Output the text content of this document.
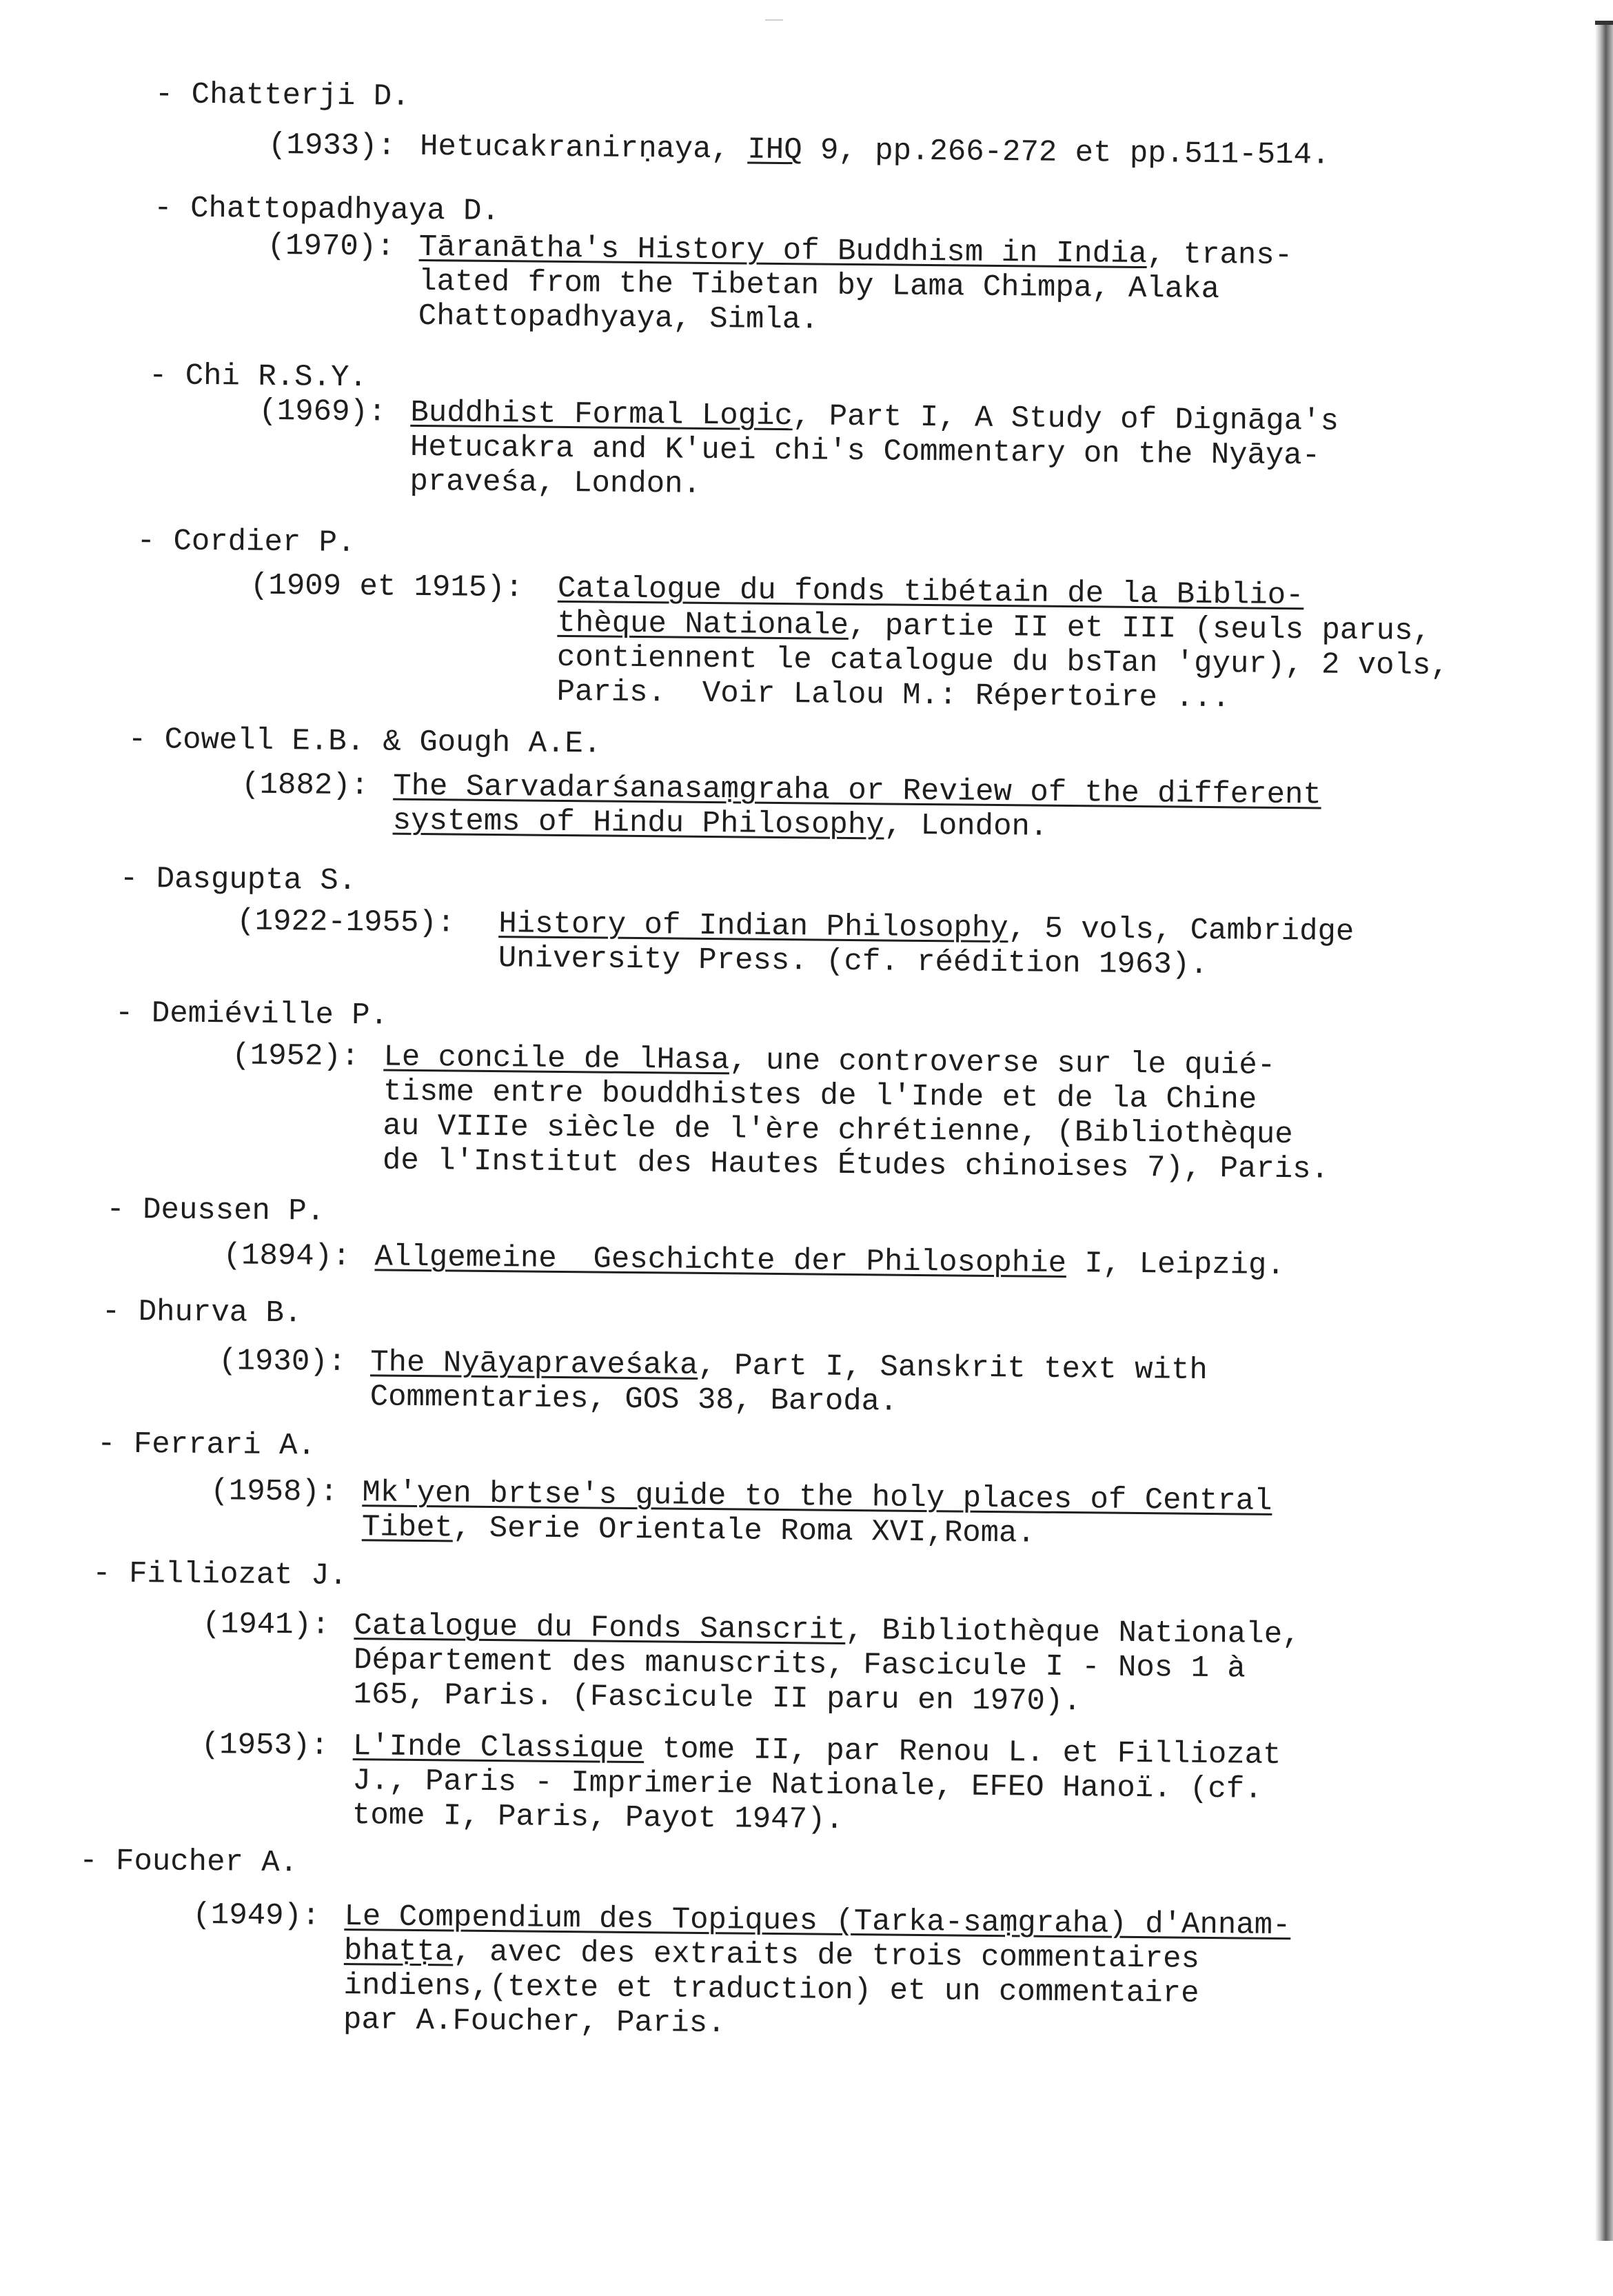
- Chatterji D.
(1933): Hetucakranirṇaya, IHQ 9, pp.266-272 et pp.511-514.
- Chattopadhyaya D.
(1970): Tāranātha's History of Buddhism in India, trans-
lated from the Tibetan by Lama Chimpa, Alaka
Chattopadhyaya, Simla.
- Chi R.S.Y.
(1969): Buddhist Formal Logic, Part I, A Study of Dignāga's
Hetucakra and K'uei chi's Commentary on the Nyāya-
praveśa, London.
- Cordier P.
(1909 et 1915): Catalogue du fonds tibétain de la Biblio-
thèque Nationale, partie II et III (seuls parus,
contiennent le catalogue du bsTan 'gyur), 2 vols,
Paris.  Voir Lalou M.: Répertoire ...
- Cowell E.B. & Gough A.E.
(1882): The Sarvadarśanasaṃgraha or Review of the different
systems of Hindu Philosophy, London.
- Dasgupta S.
(1922-1955): History of Indian Philosophy, 5 vols, Cambridge
University Press. (cf. réédition 1963).
- Demiéville P.
(1952): Le concile de lHasa, une controverse sur le quié-
tisme entre bouddhistes de l'Inde et de la Chine
au VIIIe siècle de l'ère chrétienne, (Bibliothèque
de l'Institut des Hautes Études chinoises 7), Paris.
- Deussen P.
(1894): Allgemeine  Geschichte der Philosophie I, Leipzig.
- Dhurva B.
(1930): The Nyāyapraveśaka, Part I, Sanskrit text with
Commentaries, GOS 38, Baroda.
- Ferrari A.
(1958): Mk'yen brtse's guide to the holy places of Central
Tibet, Serie Orientale Roma XVI,Roma.
- Filliozat J.
(1941): Catalogue du Fonds Sanscrit, Bibliothèque Nationale,
Département des manuscrits, Fascicule I - Nos 1 à
165, Paris. (Fascicule II paru en 1970).
(1953): L'Inde Classique tome II, par Renou L. et Filliozat
J., Paris - Imprimerie Nationale, EFEO Hanoï. (cf.
tome I, Paris, Payot 1947).
- Foucher A.
(1949): Le Compendium des Topiques (Tarka-saṃgraha) d'Annam-
bhaṭṭa, avec des extraits de trois commentaires
indiens,(texte et traduction) et un commentaire
par A.Foucher, Paris.
